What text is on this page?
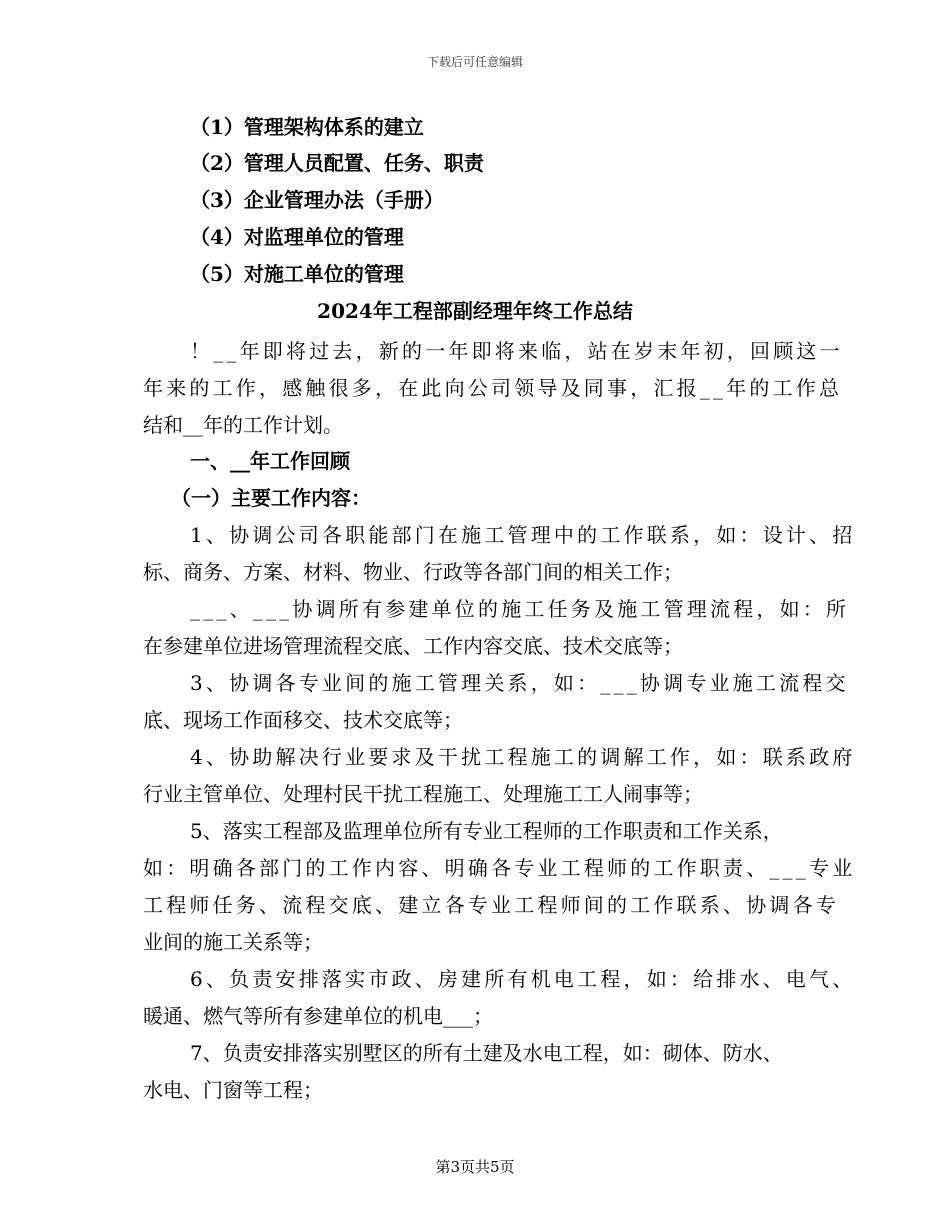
下载后可任意编辑
（1）管理架构体系的建立
（2）管理人员配置、任务、职责
（3）企业管理办法（手册）
（4）对监理单位的管理
（5）对施工单位的管理
2024年工程部副经理年终工作总结
！__年即将过去，新的一年即将来临，站在岁末年初，回顾这一
年来的工作，感触很多，在此向公司领导及同事，汇报__年的工作总
结和__年的工作计划。
一、__年工作回顾
（一）主要工作内容：
1、协调公司各职能部门在施工管理中的工作联系，如：设计、招
标、商务、方案、材料、物业、行政等各部门间的相关工作；
___、___协调所有参建单位的施工任务及施工管理流程，如：所
在参建单位进场管理流程交底、工作内容交底、技术交底等；
3、协调各专业间的施工管理关系，如：___协调专业施工流程交
底、现场工作面移交、技术交底等；
4、协助解决行业要求及干扰工程施工的调解工作，如：联系政府
行业主管单位、处理村民干扰工程施工、处理施工工人闹事等；
5、落实工程部及监理单位所有专业工程师的工作职责和工作关系，
如：明确各部门的工作内容、明确各专业工程师的工作职责、___专业
工程师任务、流程交底、建立各专业工程师间的工作联系、协调各专
业间的施工关系等；
6、负责安排落实市政、房建所有机电工程，如：给排水、电气、
暖通、燃气等所有参建单位的机电___；
7、负责安排落实别墅区的所有土建及水电工程，如：砌体、防水、
水电、门窗等工程；
第3页共5页
